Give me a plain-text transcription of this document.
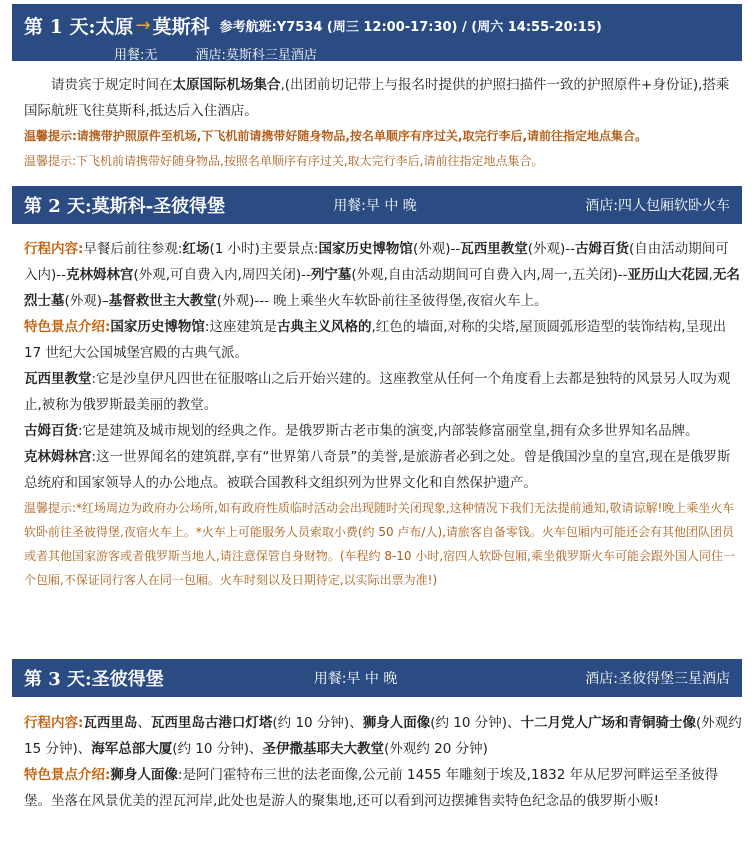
第 1 天: 太原 → 莫斯科 参考航班:Y7534 (周三 12:00-17:30) / (周六 14:55-20:15)
用餐:无	酒店:莫斯科三星酒店

请贵宾于规定时间在太原国际机场集合,(出团前切记带上与报名时提供的护照扫描件一致的护照原件+身份证),搭乘国际航班飞往莫斯科,抵达后入住酒店。

温馨提示:请携带护照原件至机场,下飞机前请携带好随身物品,按名单顺序有序过关,取完行李后,请前往指定地点集合。

温馨提示:下飞机前请携带好随身物品,按照名单顺序有序过关,取太完行李后,请前往指定地点集合。

第 2 天:莫斯科-圣彼得堡	用餐:早 中 晚	酒店:四人包厢软卧火车

行程内容:早餐后前往参观:红场(1 小时)主要景点:国家历史博物馆(外观)--瓦西里教堂(外观)--古姆百货(自由活动期间可入内)--克林姆林宫(外观,可自费入内,周四关闭)--列宁墓(外观,自由活动期间可自费入内,周一,五关闭)--亚历山大花园,无名烈士墓(外观)–基督救世主大教堂(外观)--- 晚上乘坐火车软卧前往圣彼得堡,夜宿火车上。

特色景点介绍:国家历史博物馆:这座建筑是古典主义风格的,红色的墙面,对称的尖塔,屋顶圆弧形造型的装饰结构,呈现出 17 世纪大公国城堡宫殿的古典气派。

瓦西里教堂:它是沙皇伊凡四世在征服喀山之后开始兴建的。这座教堂从任何一个角度看上去都是独特的风景另人叹为观止,被称为俄罗斯最美丽的教堂。

古姆百货:它是建筑及城市规划的经典之作。是俄罗斯古老市集的演变,内部装修富丽堂皇,拥有众多世界知名品牌。

克林姆林宫:这一世界闻名的建筑群,享有“世界第八奇景”的美誉,是旅游者必到之处。曾是俄国沙皇的皇宫,现在是俄罗斯总统府和国家领导人的办公地点。被联合国教科文组织列为世界文化和自然保护遗产。

温馨提示:*红场周边为政府办公场所,如有政府性质临时活动会出现随时关闭现象,这种情况下我们无法提前通知,敬请谅解!晚上乘坐火车软卧前往圣彼得堡,夜宿火车上。*火车上可能服务人员索取小费(约 50 卢布/人),请旅客自备零钱。火车包厢内可能还会有其他团队团员或者其他国家游客或者俄罗斯当地人,请注意保管自身财物。(车程约 8-10 小时,宿四人软卧包厢,乘坐俄罗斯火车可能会跟外国人同住一个包厢,不保证同行客人在同一包厢。火车时刻以及日期待定,以实际出票为准!)

第 3 天:圣彼得堡	用餐:早 中 晚	酒店:圣彼得堡三星酒店

行程内容:瓦西里岛、瓦西里岛古港口灯塔(约 10 分钟)、狮身人面像(约 10 分钟)、十二月党人广场和青铜骑士像(外观约 15 分钟)、海军总部大厦(约 10 分钟)、圣伊撒基耶夫大教堂(外观约 20 分钟)

特色景点介绍:狮身人面像:是阿门霍特布三世的法老面像,公元前 1455 年雕刻于埃及,1832 年从尼罗河畔运至圣彼得堡。坐落在风景优美的涅瓦河岸,此处也是游人的聚集地,还可以看到河边摆摊售卖特色纪念品的俄罗斯小贩!
